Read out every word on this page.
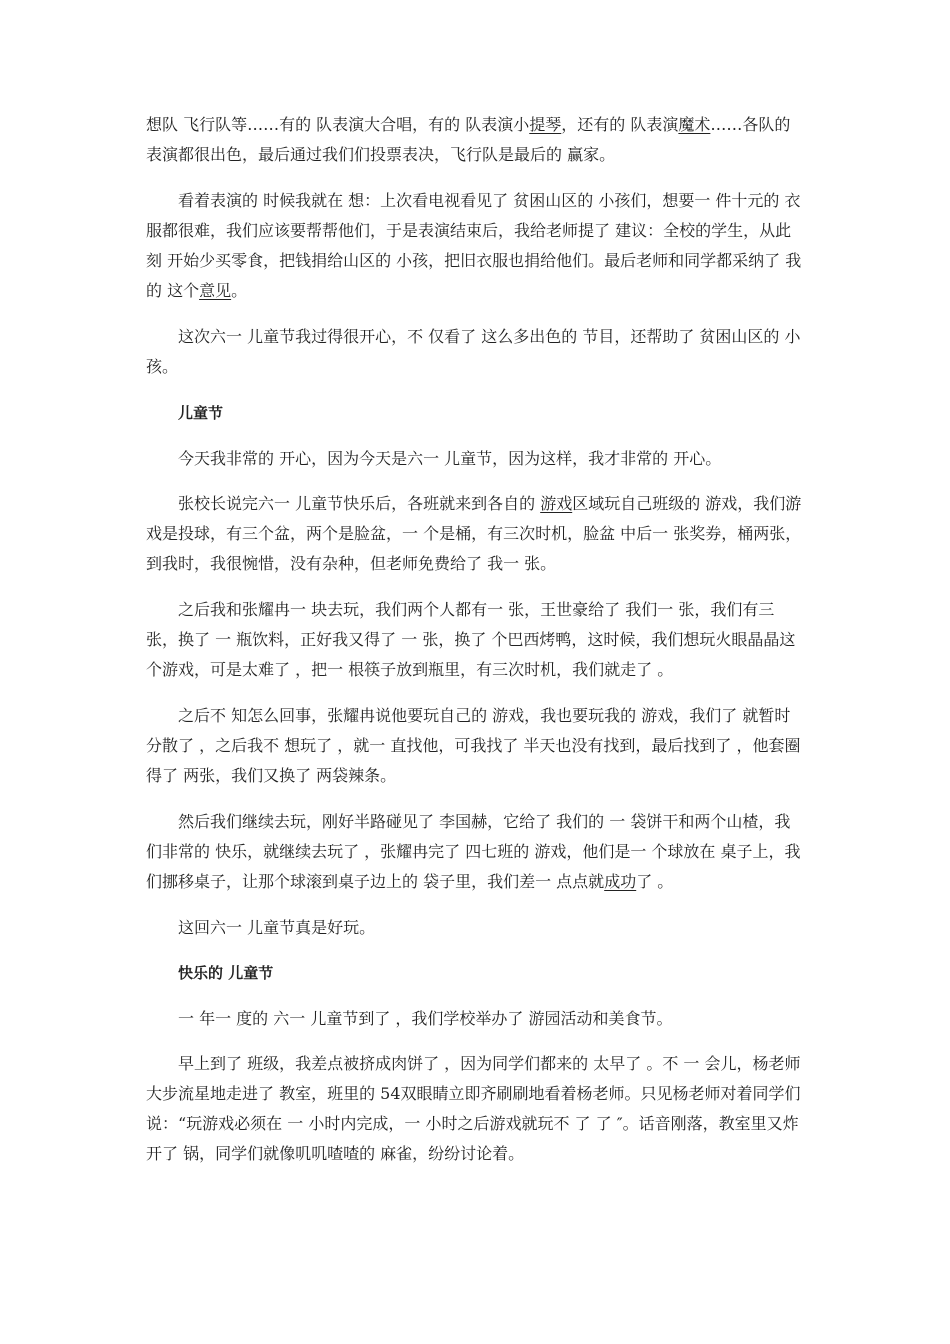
想队 飞行队等……有的 队表演大合唱，有的 队表演小提琴，还有的 队表演魔术……各队的 表演都很出色，最后通过我们们投票表决，飞行队是最后的 赢家。

看着表演的 时候我就在 想：上次看电视看见了 贫困山区的 小孩们，想要一 件十元的 衣服都很难，我们应该要帮帮他们，于是表演结束后，我给老师提了 建议：全校的学生，从此刻 开始少买零食，把钱捐给山区的 小孩，把旧衣服也捐给他们。最后老师和同学都采纳了 我的 这个意见。

这次六一 儿童节我过得很开心，不 仅看了 这么多出色的 节目，还帮助了 贫困山区的 小孩。

儿童节

今天我非常的 开心，因为今天是六一 儿童节，因为这样，我才非常的 开心。

张校长说完六一 儿童节快乐后，各班就来到各自的 游戏区域玩自己班级的 游戏，我们游戏是投球，有三个盆，两个是脸盆，一 个是桶，有三次时机，脸盆 中后一 张奖券，桶两张，到我时，我很惋惜，没有杂种，但老师免费给了 我一 张。

之后我和张耀冉一 块去玩，我们两个人都有一 张，王世豪给了 我们一 张，我们有三张，换了 一 瓶饮料，正好我又得了 一 张，换了 个巴西烤鸭，这时候，我们想玩火眼晶晶这个游戏，可是太难了 ，把一 根筷子放到瓶里，有三次时机，我们就走了 。

之后不 知怎么回事，张耀冉说他要玩自己的 游戏，我也要玩我的 游戏，我们了 就暂时分散了 ，之后我不 想玩了 ，就一 直找他，可我找了 半天也没有找到，最后找到了 ，他套圈得了 两张，我们又换了 两袋辣条。

然后我们继续去玩，刚好半路碰见了 李国赫，它给了 我们的 一 袋饼干和两个山楂，我们非常的 快乐，就继续去玩了 ，张耀冉完了 四七班的 游戏，他们是一 个球放在 桌子上，我们挪移桌子，让那个球滚到桌子边上的 袋子里，我们差一 点点就成功了 。

这回六一 儿童节真是好玩。

快乐的 儿童节

一 年一 度的 六一 儿童节到了 ，我们学校举办了 游园活动和美食节。

早上到了 班级，我差点被挤成肉饼了 ，因为同学们都来的 太早了 。不 一 会儿，杨老师大步流星地走进了 教室，班里的 54双眼睛立即齐刷刷地看着杨老师。只见杨老师对着同学们说：“玩游戏必须在 一 小时内完成，一 小时之后游戏就玩不 了 了 ″。话音刚落，教室里又炸开了 锅，同学们就像叽叽喳喳的 麻雀，纷纷讨论着。
